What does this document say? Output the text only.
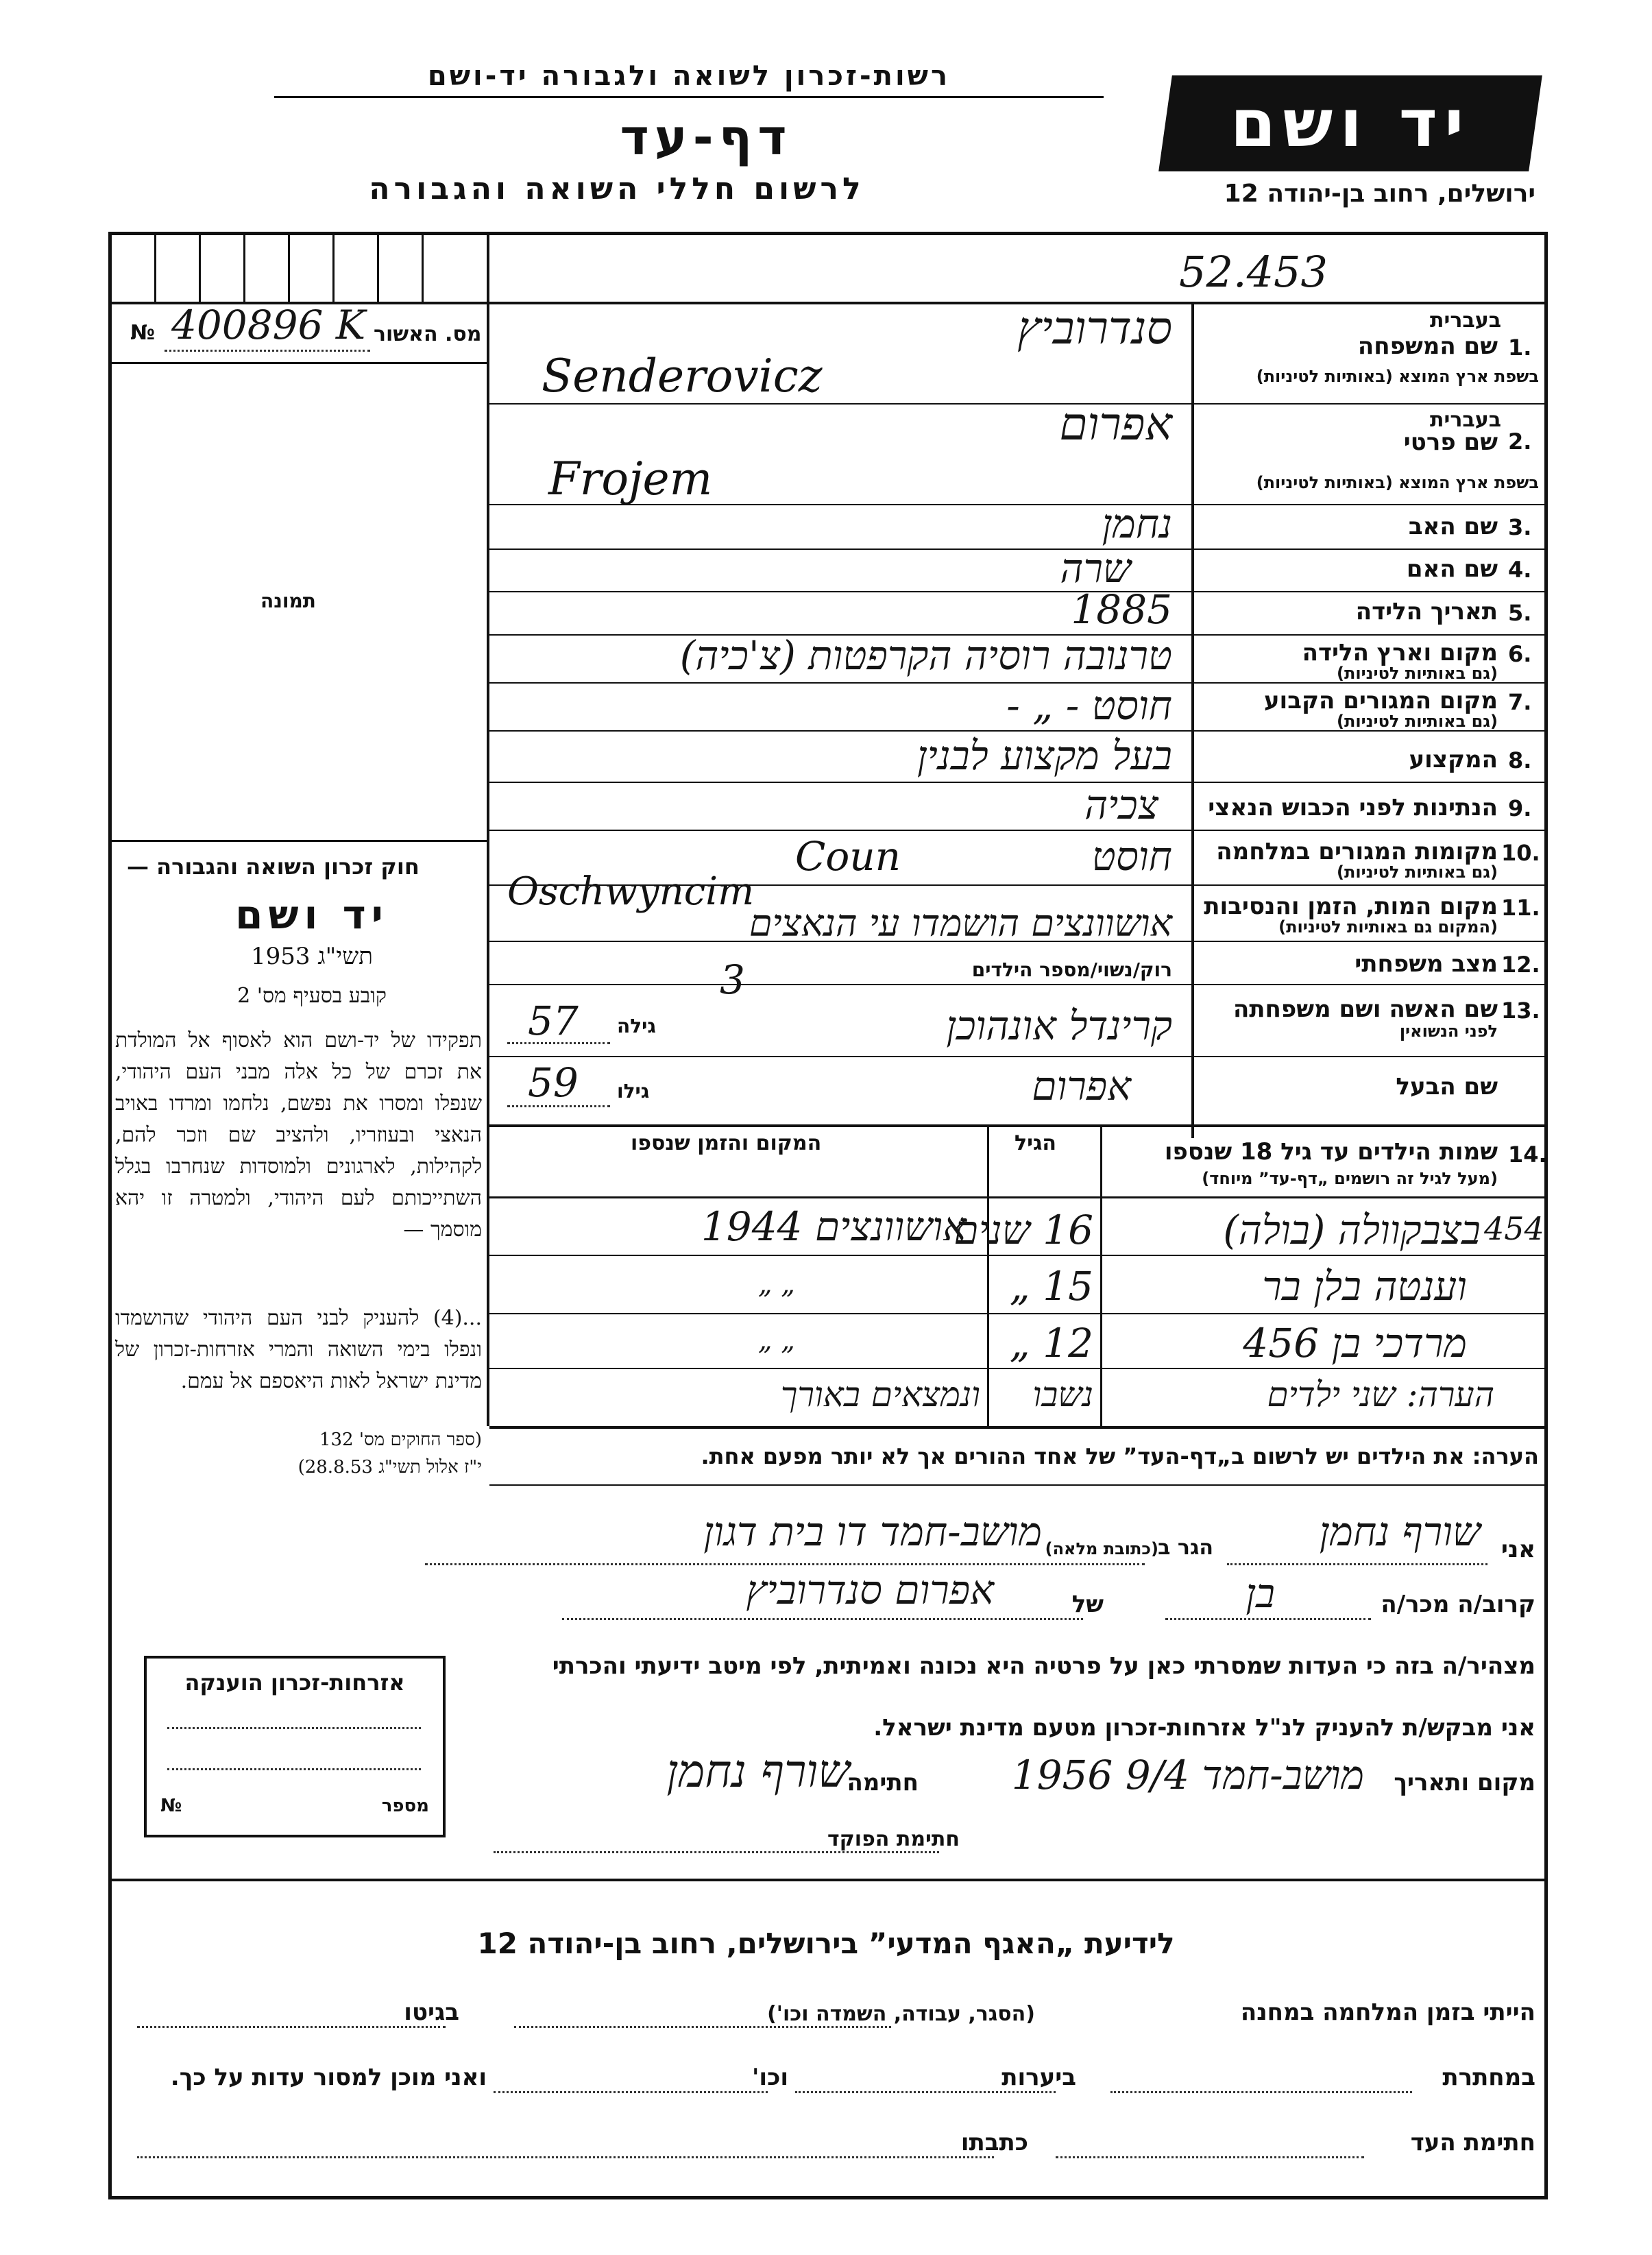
רשות-זכרון לשואה ולגבורה יד-ושם
דף-עד
לרשום חללי השואה והגבורה
יד ושם
ירושלים, רחוב בן-יהודה 12
52.453
№ 400896 K מס. האשור
תמונה
1.
שם המשפחה
בעברית
בשפת ארץ המוצא (באותיות לטיניות)
סנדרוביץ
Senderovicz
2.
שם פרטי
בעברית
בשפת ארץ המוצא (באותיות לטיניות)
אפרום
Frojem
3.
שם האב
נחמן
4.
שם האם
שרה
5.
תאריך הלידה
1885
6.
מקום וארץ הלידה
(גם באותיות לטיניות)
טרנובה רוסיה הקרפטות (צ'כיה)
7.
מקום המגורים הקבוע
(גם באותיות לטיניות)
חוסט - „ -
8.
המקצוע
בעל מקצוע לבנין
9.
הנתינות לפני הכבוש הנאצי
צכיה
10.
מקומות המגורים במלחמה
(גם באותיות לטיניות)
חוסט
Coun
11.
מקום המות, הזמן והנסיבות
(המקום גם באותיות לטיניות)
Oschwyncim
אושוונצים הושמדו עי הנאצים
12.
מצב משפחתי
רוק/נשוי/מספר הילדים
3
13.
שם האשה ושם משפחתה
לפני הנשואין
קרינדל אונהוכן
גילה
57
שם הבעל
אפרום
גילו
59
חוק זכרון השואה והגבורה —
יד ושם
תשי"ג 1953
קובע בסעיף מס' 2
תפקידו של יד-ושם הוא לאסוף אל המולדת את זכרם של כל אלה מבני העם היהודי, שנפלו ומסרו את נפשם, נלחמו ומרדו באויב הנאצי ובעוזריו, ולהציב שם וזכר להם, לקהילות, לארגונים ולמוסדות שנחרבו בגלל השתייכותם לעם היהודי, ולמטרה זו יהא מוסמך —
...(4) להעניק לבני העם היהודי שהושמדו ונפלו בימי השואה והמרי אזרחות-זכרון של מדינת ישראל לאות היאספם אל עמם.
(ספר החוקים מס' 132
י"ז אלול תשי"ג 28.8.53)
14.
שמות הילדים עד גיל 18 שנספו
(מעל לגיל זה רושמים „דף-עד” מיוחד)
הגיל
המקום והזמן שנספו
בצבקוולה (בולה) 454
16 שנים
אושוונצים 1944
וענטה בלן בר
15 „
„ „
מרדכי בן 456
12 „
„ „
הערה: שני ילדים
נשבו
ונמצאים באורך
הערה: את הילדים יש לרשום ב„דף-העד” של אחד ההורים אך לא יותר מפעם אחת.
אני
שורף נחמן
הגר ב
(כתובת מלאה)
מושב-חמד דו בית דגון
קרוב/ה מכר/ה
בן
של
אפרום סנדרוביץ
מצהיר/ה בזה כי העדות שמסרתי כאן על פרטיה היא נכונה ואמיתית, לפי מיטב ידיעתי והכרתי
אני מבקש/ת להעניק לנ"ל אזרחות-זכרון מטעם מדינת ישראל.
מקום ותאריך
מושב-חמד 9/4 1956
חתימה
שורף נחמן
חתימת הפוקד
אזרחות-זכרון הוענקה
№	מספר
לידיעת „האגף המדעי” בירושלים, רחוב בן-יהודה 12
הייתי בזמן המלחמה במחנה
(הסגר, עבודה, השמדה וכו')
בגיטו
במחתרת
ביערות
וכו'
ואני מוכן למסור עדות על כך.
חתימת העד
כתבתו
